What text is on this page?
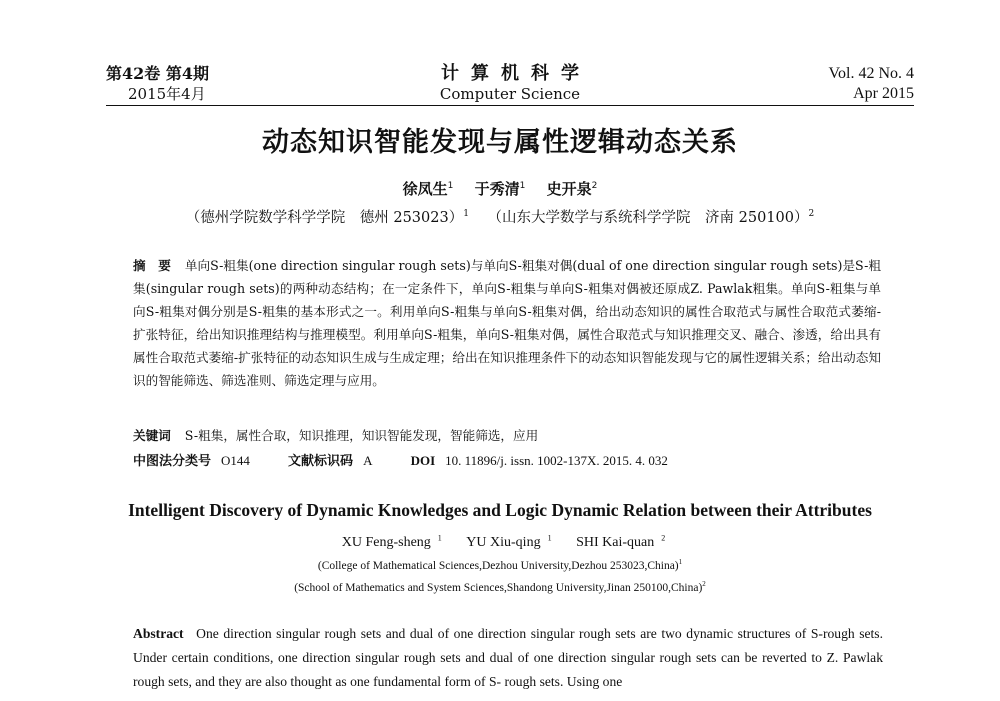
第42卷 第4期
2015年4月
计算机科学
Computer Science
Vol. 42 No. 4
Apr 2015
动态知识智能发现与属性逻辑动态关系
徐凤生$^1$ 于秀清$^1$ 史开泉$^2$
（德州学院数学科学学院　德州 253023）$^1$ （山东大学数学与系统科学学院　济南 250100）$^2$
摘　要 单向S-粗集(one direction singular rough sets)与单向S-粗集对偶(dual of one direction singular rough sets)是S-粗集(singular rough sets)的两种动态结构；在一定条件下，单向S-粗集与单向S-粗集对偶被还原成Z. Pawlak粗集。单向S-粗集与单向S-粗集对偶分别是S-粗集的基本形式之一。利用单向S-粗集与单向S-粗集对偶，给出动态知识的属性合取范式与属性合取范式萎缩-扩张特征，给出知识推理结构与推理模型。利用单向S-粗集，单向S-粗集对偶，属性合取范式与知识推理交叉、融合、渗透，给出具有属性合取范式萎缩-扩张特征的动态知识生成与生成定理；给出在知识推理条件下的动态知识智能发现与它的属性逻辑关系；给出动态知识的智能筛选、筛选准则、筛选定理与应用。
关键词 S-粗集，属性合取，知识推理，知识智能发现，智能筛选，应用
中图法分类号 O144	文献标识码 A	DOI 10. 11896/j. issn. 1002-137X. 2015. 4. 032
Intelligent Discovery of Dynamic Knowledges and Logic Dynamic Relation between their Attributes
XU Feng-sheng $^1$ YU Xiu-qing $^1$ SHI Kai-quan $^2$
(College of Mathematical Sciences,Dezhou University,Dezhou 253023,China)$^1$
(School of Mathematics and System Sciences,Shandong University,Jinan 250100,China)$^2$
Abstract One direction singular rough sets and dual of one direction singular rough sets are two dynamic structures of S-rough sets. Under certain conditions, one direction singular rough sets and dual of one direction singular rough sets can be reverted to Z. Pawlak rough sets, and they are also thought as one fundamental form of S- rough sets. Using one
